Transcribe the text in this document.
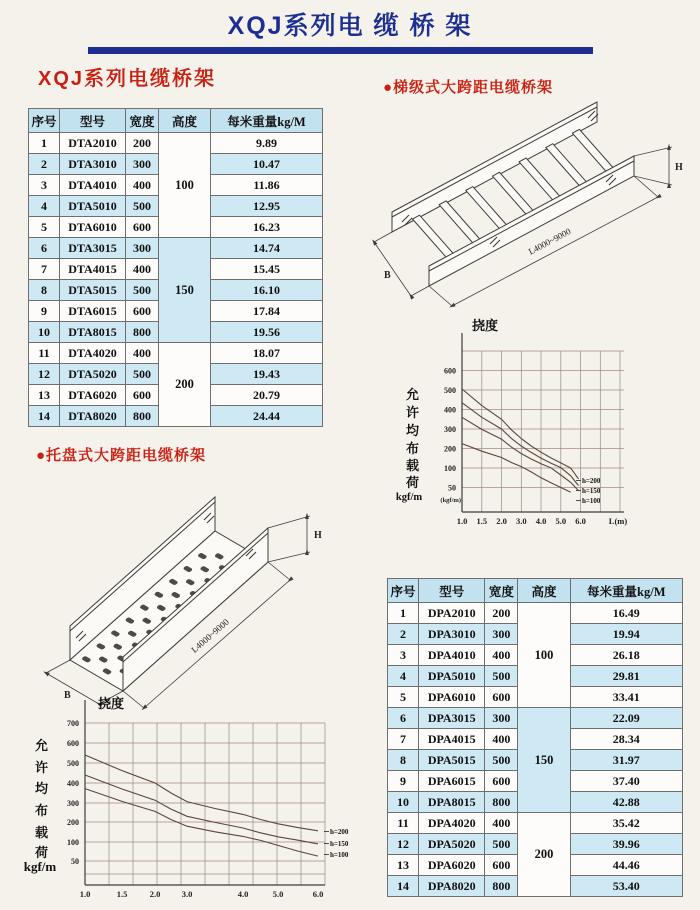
XQJ系列电 缆 桥 架
XQJ系列电缆桥架	●梯级式大跨距电缆桥架
●托盘式大跨距电缆桥架
序号	型号	宽度	高度	每米重量kg/M
1	DTA2010	200	100	9.89
2	DTA3010	300		10.47
3	DTA4010	400		11.86
4	DTA5010	500		12.95
5	DTA6010	600		16.23
6	DTA3015	300	150	14.74
7	DTA4015	400		15.45
8	DTA5015	500		16.10
9	DTA6015	600		17.84
10	DTA8015	800		19.56
11	DTA4020	400	200	18.07
12	DTA5020	500		19.43
13	DTA6020	600		20.79
14	DTA8020	800		24.44
序号	型号	宽度	高度	每米重量kg/M
1	DPA2010	200	100	16.49
2	DPA3010	300		19.94
3	DPA4010	400		26.18
4	DPA5010	500		29.81
5	DPA6010	600		33.41
6	DPA3015	300	150	22.09
7	DPA4015	400		28.34
8	DPA5015	500		31.97
9	DPA6015	600		37.40
10	DPA8015	800		42.88
11	DPA4020	400	200	35.42
12	DPA5020	500		39.96
13	DPA6020	600		44.46
14	DPA8020	800		53.40
B
L4000~9000
H
B
L4000~9000
H
挠度
600
500
400
300
200
100
50
1.0 1.5 2.0 3.0 4.0 5.0 6.0
允
许
均
布
载
荷
kgf/m	(kgf/m)
L(m)
h=200
h=150
h=100
挠度
700
600
500
400
300
200
100
50
1.0	1.5	2.0	3.0	4.0	5.0	6.0
允
许
均
布
载
荷
kgf/m
h=200
h=150
h=100
